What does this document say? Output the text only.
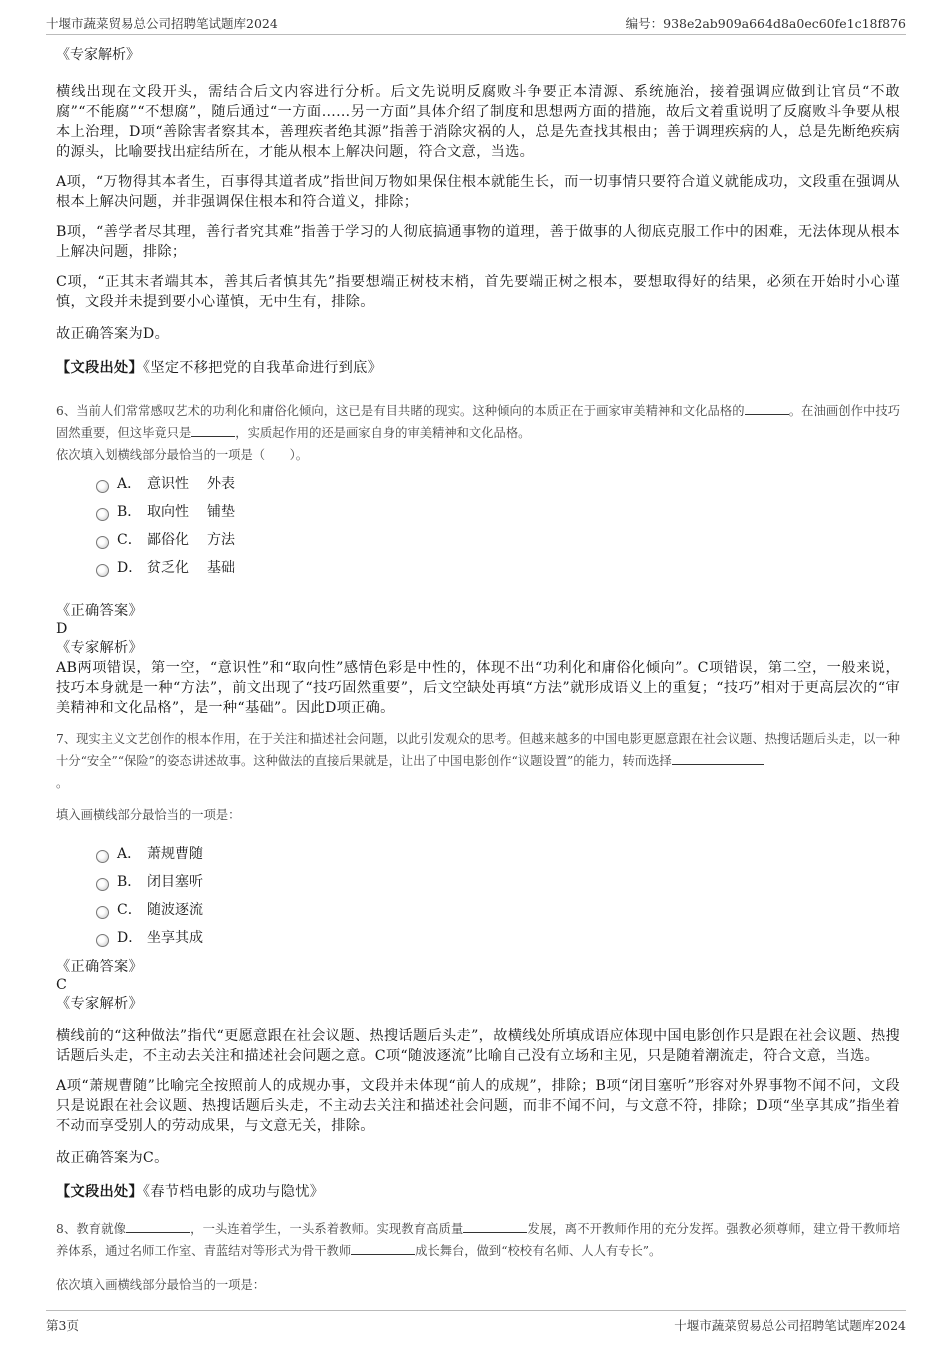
十堰市蔬菜贸易总公司招聘笔试题库2024	编号：938e2ab909a664d8a0ec60fe1c18f876
《专家解析》

横线出现在文段开头，需结合后文内容进行分析。后文先说明反腐败斗争要正本清源、系统施治，接着强调应做到让官员“不敢腐”“不能腐”“不想腐”，随后通过“一方面……另一方面”具体介绍了制度和思想两方面的措施，故后文着重说明了反腐败斗争要从根本上治理，D项“善除害者察其本，善理疾者绝其源”指善于消除灾祸的人，总是先查找其根由；善于调理疾病的人，总是先断绝疾病的源头，比喻要找出症结所在，才能从根本上解决问题，符合文意，当选。

A项，“万物得其本者生，百事得其道者成”指世间万物如果保住根本就能生长，而一切事情只要符合道义就能成功，文段重在强调从根本上解决问题，并非强调保住根本和符合道义，排除；

B项，“善学者尽其理，善行者究其难”指善于学习的人彻底搞通事物的道理，善于做事的人彻底克服工作中的困难，无法体现从根本上解决问题，排除；

C项，“正其末者端其本，善其后者慎其先”指要想端正树枝末梢，首先要端正树之根本，要想取得好的结果，必须在开始时小心谨慎，文段并未提到要小心谨慎，无中生有，排除。

故正确答案为D。

【文段出处】《坚定不移把党的自我革命进行到底》

6、当前人们常常感叹艺术的功利化和庸俗化倾向，这已是有目共睹的现实。这种倾向的本质正在于画家审美精神和文化品格的	。在油画创作中技巧固然重要，但这毕竟只是	，实质起作用的还是画家自身的审美精神和文化品格。

依次填入划横线部分最恰当的一项是（　　）。

A． 意识性 外表
B． 取向性 铺垫
C． 鄙俗化 方法
D． 贫乏化 基础

《正确答案》

D

《专家解析》

AB两项错误，第一空，“意识性”和“取向性”感情色彩是中性的，体现不出“功利化和庸俗化倾向”。C项错误，第二空，一般来说，技巧本身就是一种“方法”，前文出现了“技巧固然重要”，后文空缺处再填“方法”就形成语义上的重复；“技巧”相对于更高层次的“审美精神和文化品格”，是一种“基础”。因此D项正确。

7、现实主义文艺创作的根本作用，在于关注和描述社会问题，以此引发观众的思考。但越来越多的中国电影更愿意跟在社会议题、热搜话题后头走，以一种十分“安全”“保险”的姿态讲述故事。这种做法的直接后果就是，让出了中国电影创作“议题设置”的能力，转而选择
。

填入画横线部分最恰当的一项是：

A． 萧规曹随
B． 闭目塞听
C． 随波逐流
D． 坐享其成

《正确答案》

C

《专家解析》

横线前的“这种做法”指代“更愿意跟在社会议题、热搜话题后头走”，故横线处所填成语应体现中国电影创作只是跟在社会议题、热搜话题后头走，不主动去关注和描述社会问题之意。C项“随波逐流”比喻自己没有立场和主见，只是随着潮流走，符合文意，当选。

A项“萧规曹随”比喻完全按照前人的成规办事，文段并未体现“前人的成规”，排除；B项“闭目塞听”形容对外界事物不闻不问，文段只是说跟在社会议题、热搜话题后头走，不主动去关注和描述社会问题，而非不闻不问，与文意不符，排除；D项“坐享其成”指坐着不动而享受别人的劳动成果，与文意无关，排除。

故正确答案为C。

【文段出处】《春节档电影的成功与隐忧》

8、教育就像	，一头连着学生，一头系着教师。实现教育高质量	发展，离不开教师作用的充分发挥。强教必须尊师，建立骨干教师培养体系，通过名师工作室、青蓝结对等形式为骨干教师	成长舞台，做到“校校有名师、人人有专长”。

依次填入画横线部分最恰当的一项是：

第3页	十堰市蔬菜贸易总公司招聘笔试题库2024
